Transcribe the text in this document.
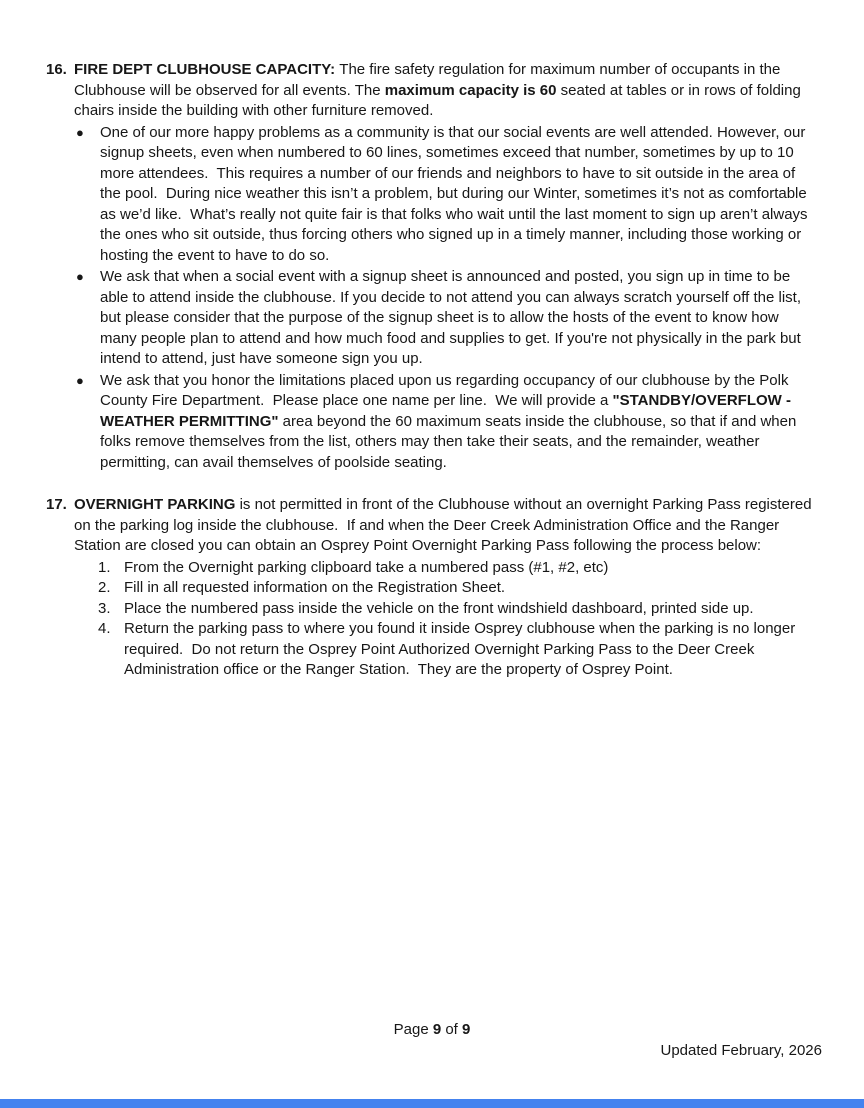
16. FIRE DEPT CLUBHOUSE CAPACITY: The fire safety regulation for maximum number of occupants in the Clubhouse will be observed for all events. The maximum capacity is 60 seated at tables or in rows of folding chairs inside the building with other furniture removed.

●	One of our more happy problems as a community is that our social events are well attended. However, our signup sheets, even when numbered to 60 lines, sometimes exceed that number, sometimes by up to 10 more attendees.  This requires a number of our friends and neighbors to have to sit outside in the area of the pool.  During nice weather this isn’t a problem, but during our Winter, sometimes it’s not as comfortable as we’d like.  What’s really not quite fair is that folks who wait until the last moment to sign up aren’t always the ones who sit outside, thus forcing others who signed up in a timely manner, including those working or hosting the event to have to do so.

●	We ask that when a social event with a signup sheet is announced and posted, you sign up in time to be able to attend inside the clubhouse. If you decide to not attend you can always scratch yourself off the list, but please consider that the purpose of the signup sheet is to allow the hosts of the event to know how many people plan to attend and how much food and supplies to get. If you're not physically in the park but intend to attend, just have someone sign you up.

●	We ask that you honor the limitations placed upon us regarding occupancy of our clubhouse by the Polk County Fire Department.  Please place one name per line.  We will provide a "STANDBY/OVERFLOW - WEATHER PERMITTING" area beyond the 60 maximum seats inside the clubhouse, so that if and when folks remove themselves from the list, others may then take their seats, and the remainder, weather permitting, can avail themselves of poolside seating.

17. OVERNIGHT PARKING is not permitted in front of the Clubhouse without an overnight Parking Pass registered on the parking log inside the clubhouse.  If and when the Deer Creek Administration Office and the Ranger Station are closed you can obtain an Osprey Point Overnight Parking Pass following the process below:

1. From the Overnight parking clipboard take a numbered pass (#1, #2, etc)

2. Fill in all requested information on the Registration Sheet.

3. Place the numbered pass inside the vehicle on the front windshield dashboard, printed side up.

4. Return the parking pass to where you found it inside Osprey clubhouse when the parking is no longer required.  Do not return the Osprey Point Authorized Overnight Parking Pass to the Deer Creek Administration office or the Ranger Station.  They are the property of Osprey Point.

Page 9 of 9
Updated February, 2026
